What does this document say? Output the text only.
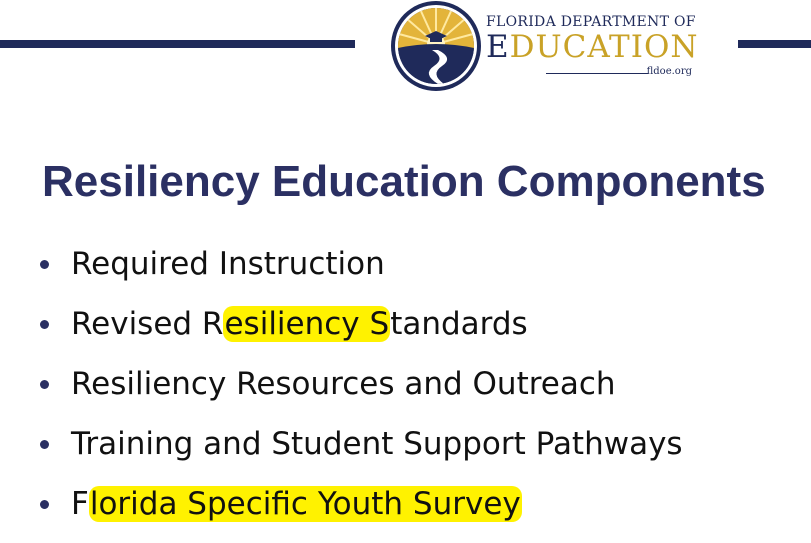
FLORIDA DEPARTMENT OF
EDUCATION
fldoe.org
Resiliency Education Components
Required Instruction
Revised Resiliency Standards
Resiliency Resources and Outreach
Training and Student Support Pathways
Florida Specific Youth Survey
